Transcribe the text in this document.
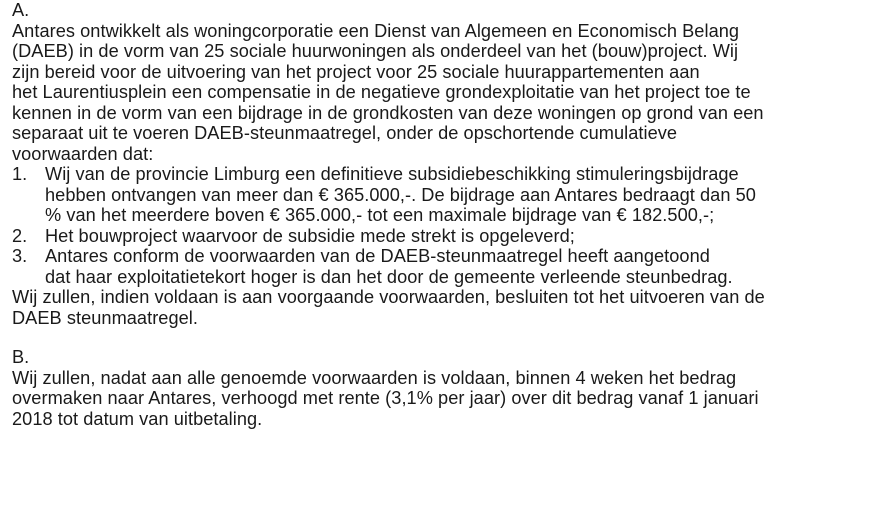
A.
Antares ontwikkelt als woningcorporatie een Dienst van Algemeen en Economisch Belang
(DAEB) in de vorm van 25 sociale huurwoningen als onderdeel van het (bouw)project. Wij
zijn bereid voor de uitvoering van het project voor 25 sociale huurappartementen aan
het Laurentiusplein een compensatie in de negatieve grondexploitatie van het project toe te
kennen in de vorm van een bijdrage in de grondkosten van deze woningen op grond van een
separaat uit te voeren DAEB-steunmaatregel, onder de opschortende cumulatieve
voorwaarden dat:
1. Wij van de provincie Limburg een definitieve subsidiebeschikking stimuleringsbijdrage
hebben ontvangen van meer dan € 365.000,-. De bijdrage aan Antares bedraagt dan 50
% van het meerdere boven € 365.000,- tot een maximale bijdrage van € 182.500,-;
2. Het bouwproject waarvoor de subsidie mede strekt is opgeleverd;
3. Antares conform de voorwaarden van de DAEB-steunmaatregel heeft aangetoond
dat haar exploitatietekort hoger is dan het door de gemeente verleende steunbedrag.
Wij zullen, indien voldaan is aan voorgaande voorwaarden, besluiten tot het uitvoeren van de
DAEB steunmaatregel.
B.
Wij zullen, nadat aan alle genoemde voorwaarden is voldaan, binnen 4 weken het bedrag
overmaken naar Antares, verhoogd met rente (3,1% per jaar) over dit bedrag vanaf 1 januari
2018 tot datum van uitbetaling.
